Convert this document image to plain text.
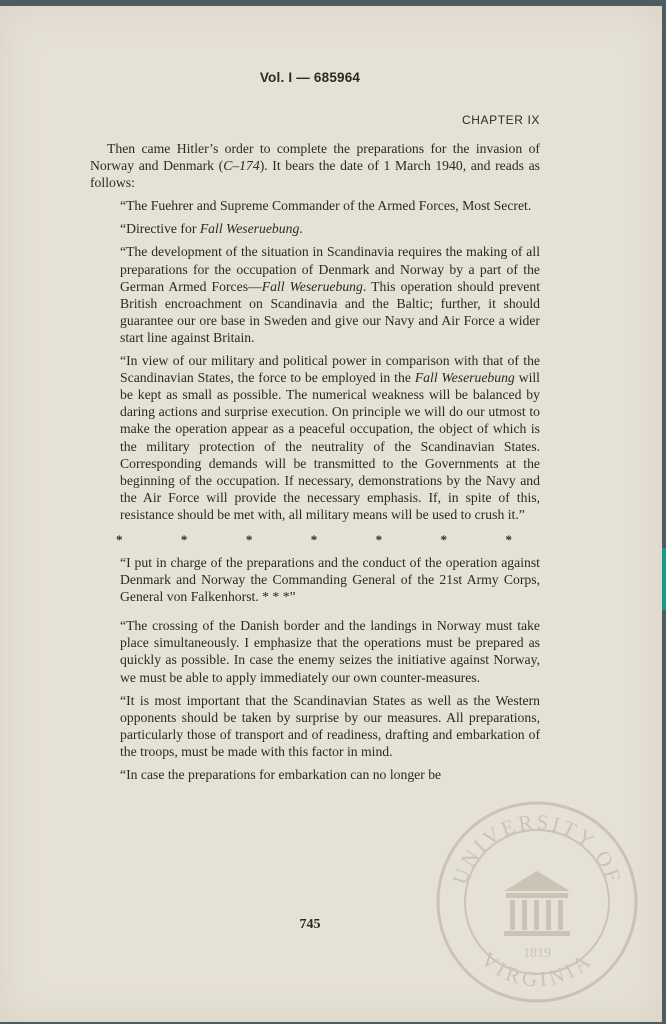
UNIVERSITY OF
VIRGINIA
1819
Vol. I — 685964
CHAPTER IX

Then came Hitler’s order to complete the preparations for the invasion of Norway and Denmark (C–174). It bears the date of 1 March 1940, and reads as follows:

“The Fuehrer and Supreme Commander of the Armed Forces, Most Secret.

“Directive for Fall Weseruebung.

“The development of the situation in Scandinavia requires the making of all preparations for the occupation of Denmark and Norway by a part of the German Armed Forces—Fall Weseruebung. This operation should prevent British encroachment on Scandinavia and the Baltic; further, it should guarantee our ore base in Sweden and give our Navy and Air Force a wider start line against Britain.

“In view of our military and political power in comparison with that of the Scandinavian States, the force to be employed in the Fall Weseruebung will be kept as small as possible. The numerical weakness will be balanced by daring actions and surprise execution. On principle we will do our utmost to make the operation appear as a peaceful occupation, the object of which is the military protection of the neutrality of the Scandinavian States. Corresponding demands will be transmitted to the Governments at the beginning of the occupation. If necessary, demonstrations by the Navy and the Air Force will provide the necessary emphasis. If, in spite of this, resistance should be met with, all military means will be used to crush it.”

*	*	*	*	*	*	*

“I put in charge of the preparations and the conduct of the operation against Denmark and Norway the Commanding General of the 21st Army Corps, General von Falkenhorst. * * *”

“The crossing of the Danish border and the landings in Norway must take place simultaneously. I emphasize that the operations must be prepared as quickly as possible. In case the enemy seizes the initiative against Norway, we must be able to apply immediately our own counter-measures.

“It is most important that the Scandinavian States as well as the Western opponents should be taken by surprise by our measures. All preparations, particularly those of transport and of readiness, drafting and embarkation of the troops, must be made with this factor in mind.

“In case the preparations for embarkation can no longer be

745
